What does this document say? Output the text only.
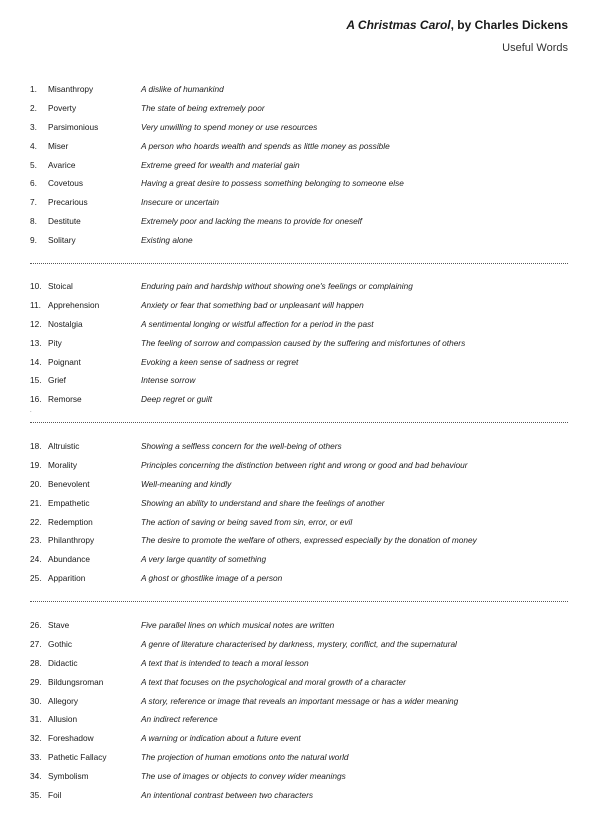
A Christmas Carol, by Charles Dickens
Useful Words
1.	Misanthropy	A dislike of humankind
2.	Poverty	The state of being extremely poor
3.	Parsimonious	Very unwilling to spend money or use resources
4.	Miser	A person who hoards wealth and spends as little money as possible
5.	Avarice	Extreme greed for wealth and material gain
6.	Covetous	Having a great desire to possess something belonging to someone else
7.	Precarious	Insecure or uncertain
8.	Destitute	Extremely poor and lacking the means to provide for oneself
9.	Solitary	Existing alone
10. Stoical	Enduring pain and hardship without showing one's feelings or complaining
11. Apprehension	Anxiety or fear that something bad or unpleasant will happen
12. Nostalgia	A sentimental longing or wistful affection for a period in the past
13. Pity	The feeling of sorrow and compassion caused by the suffering and misfortunes of others
14. Poignant	Evoking a keen sense of sadness or regret
15. Grief	Intense sorrow
16. Remorse	Deep regret or guilt
.
18. Altruistic	Showing a selfless concern for the well-being of others
19. Morality	Principles concerning the distinction between right and wrong or good and bad behaviour
20. Benevolent	Well-meaning and kindly
21. Empathetic	Showing an ability to understand and share the feelings of another
22. Redemption	The action of saving or being saved from sin, error, or evil
23. Philanthropy	The desire to promote the welfare of others, expressed especially by the donation of money
24. Abundance	A very large quantity of something
25. Apparition	A ghost or ghostlike image of a person
26. Stave	Five parallel lines on which musical notes are written
27. Gothic	A genre of literature characterised by darkness, mystery, conflict, and the supernatural
28. Didactic	A text that is intended to teach a moral lesson
29. Bildungsroman	A text that focuses on the psychological and moral growth of a character
30. Allegory	A story, reference or image that reveals an important message or has a wider meaning
31. Allusion	An indirect reference
32. Foreshadow	A warning or indication about a future event
33. Pathetic Fallacy	The projection of human emotions onto the natural world
34. Symbolism	The use of images or objects to convey wider meanings
35. Foil	An intentional contrast between two characters
